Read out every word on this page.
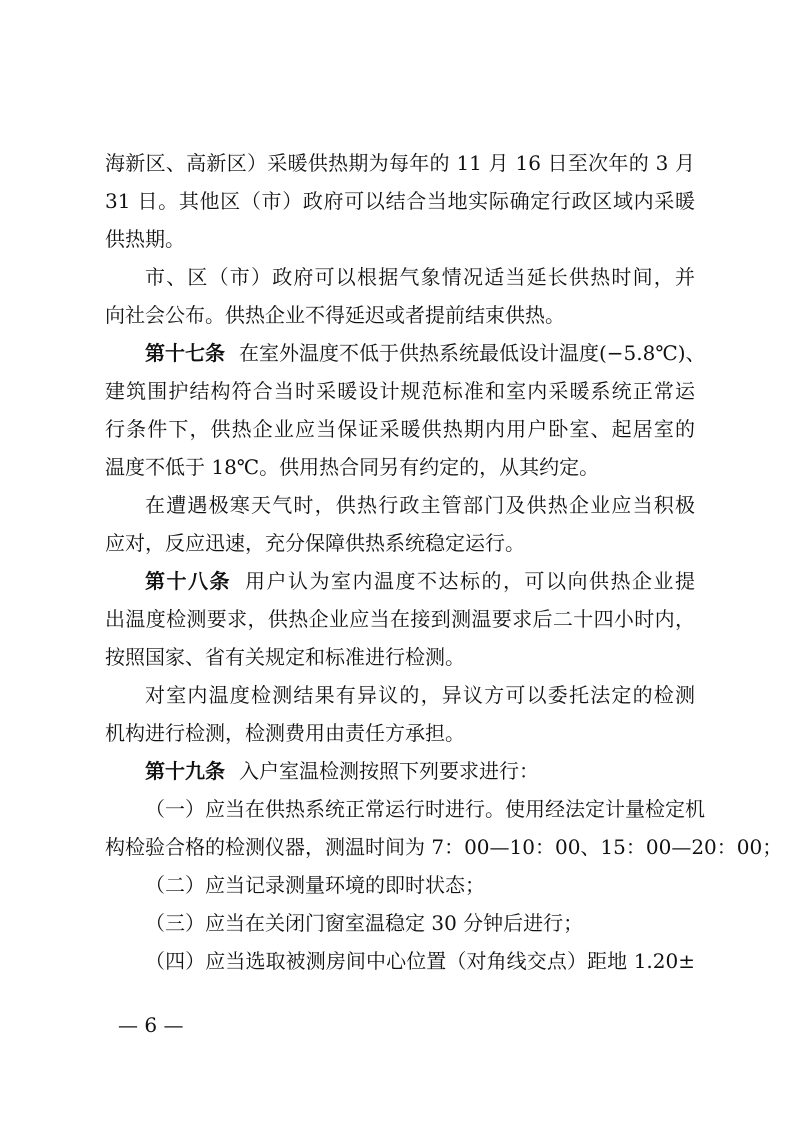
海新区、高新区）采暖供热期为每年的 11 月 16 日至次年的 3 月
31 日。其他区（市）政府可以结合当地实际确定行政区域内采暖
供热期。
市、区（市）政府可以根据气象情况适当延长供热时间，并
向社会公布。供热企业不得延迟或者提前结束供热。
第十七条 在室外温度不低于供热系统最低设计温度(−5.8℃)、
建筑围护结构符合当时采暖设计规范标准和室内采暖系统正常运
行条件下，供热企业应当保证采暖供热期内用户卧室、起居室的
温度不低于 18℃。供用热合同另有约定的，从其约定。
在遭遇极寒天气时，供热行政主管部门及供热企业应当积极
应对，反应迅速，充分保障供热系统稳定运行。
第十八条 用户认为室内温度不达标的，可以向供热企业提
出温度检测要求，供热企业应当在接到测温要求后二十四小时内，
按照国家、省有关规定和标准进行检测。
对室内温度检测结果有异议的，异议方可以委托法定的检测
机构进行检测，检测费用由责任方承担。
第十九条 入户室温检测按照下列要求进行：
（一）应当在供热系统正常运行时进行。使用经法定计量检定机
构检验合格的检测仪器，测温时间为 7：00—10：00、15：00—20：00；
（二）应当记录测量环境的即时状态；
（三）应当在关闭门窗室温稳定 30 分钟后进行；
（四）应当选取被测房间中心位置（对角线交点）距地 1.20±
— 6 —
